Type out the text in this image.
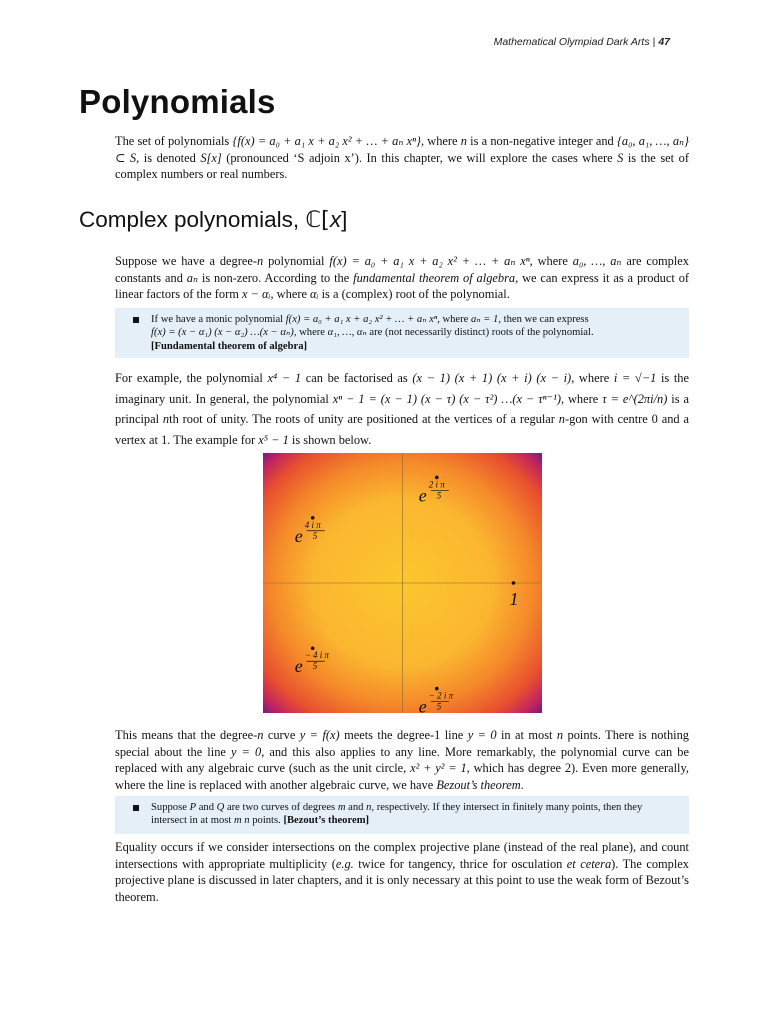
Mathematical Olympiad Dark Arts | 47
Polynomials

The set of polynomials {f(x) = a₀ + a₁ x + a₂ x² + … + aₙ xⁿ}, where n is a non-negative integer and {a₀, a₁, …, aₙ} ⊂ S, is denoted S[x] (pronounced ‘S adjoin x’). In this chapter, we will explore the cases where S is the set of complex numbers or real numbers.

Complex polynomials, ℂ[x]

Suppose we have a degree-n polynomial f(x) = a₀ + a₁ x + a₂ x² + … + aₙ xⁿ, where a₀, …, aₙ are complex constants and aₙ is non-zero. According to the fundamental theorem of algebra, we can express it as a product of linear factors of the form x − αᵢ, where αᵢ is a (complex) root of the polynomial.

If we have a monic polynomial f(x) = a₀ + a₁ x + a₂ x² + … + aₙ xⁿ, where aₙ = 1, then we can express
f(x) = (x − α₁) (x − α₂) …(x − αₙ), where α₁, …, αₙ are (not necessarily distinct) roots of the polynomial.
[Fundamental theorem of algebra]

For example, the polynomial x⁴ − 1 can be factorised as (x − 1) (x + 1) (x + i) (x − i), where i = √−1 is the imaginary unit. In general, the polynomial xⁿ − 1 = (x − 1) (x − τ) (x − τ²) …(x − τⁿ⁻¹), where τ = e^(2πi/n) is a principal nth root of unity. The roots of unity are positioned at the vertices of a regular n-gon with centre 0 and a vertex at 1. The example for x⁵ − 1 is shown below.

1
e
2 i π
5
e
4 i π
5
e
− 4 i π
5
e
− 2 i π
5

This means that the degree-n curve y = f(x) meets the degree-1 line y = 0 in at most n points. There is nothing special about the line y = 0, and this also applies to any line. More remarkably, the polynomial curve can be replaced with any algebraic curve (such as the unit circle, x² + y² = 1, which has degree 2). Even more generally, where the line is replaced with another algebraic curve, we have Bezout’s theorem.

Suppose P and Q are two curves of degrees m and n, respectively. If they intersect in finitely many points, then they intersect in at most m n points. [Bezout’s theorem]

Equality occurs if we consider intersections on the complex projective plane (instead of the real plane), and count intersections with appropriate multiplicity (e.g. twice for tangency, thrice for osculation et cetera). The complex projective plane is discussed in later chapters, and it is only necessary at this point to use the weak form of Bezout’s theorem.
